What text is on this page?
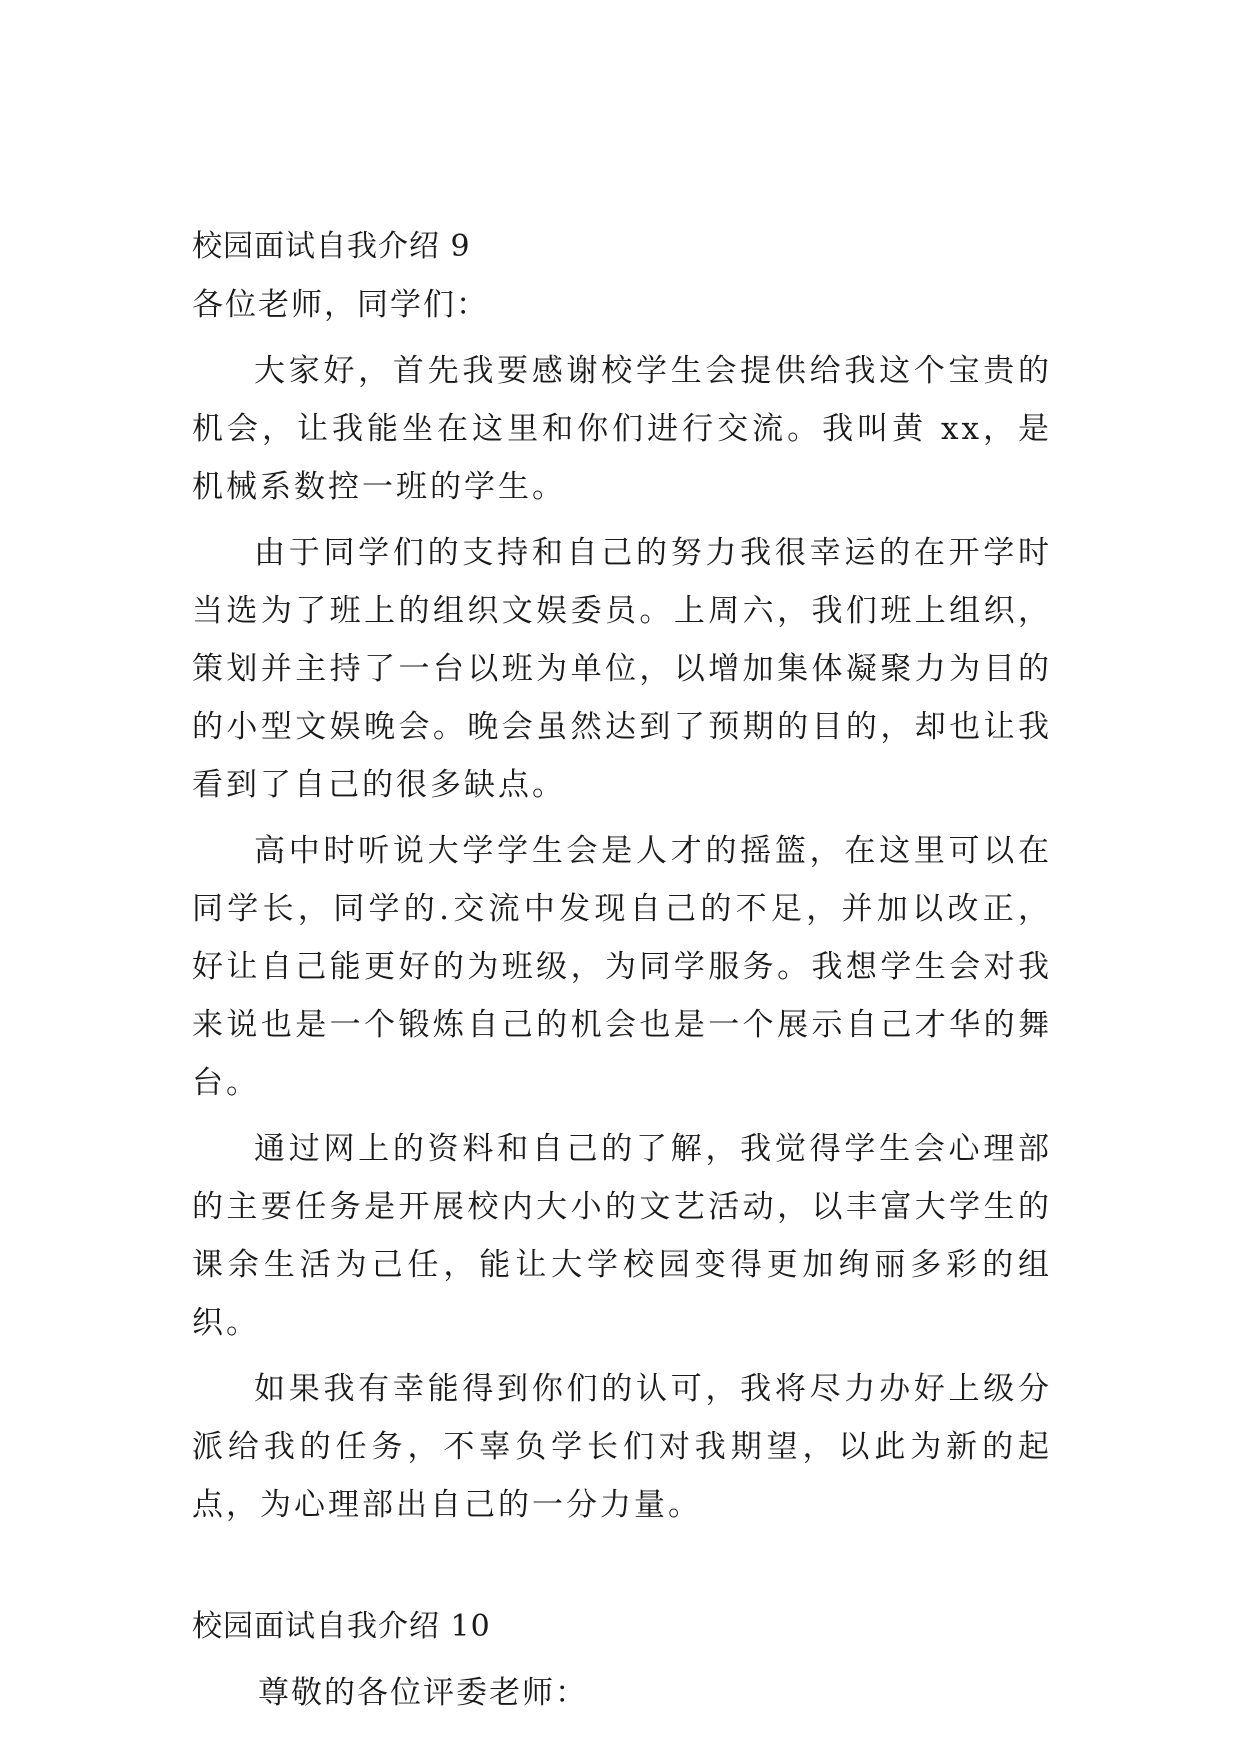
校园面试自我介绍 9
各位老师，同学们：

大家好，首先我要感谢校学生会提供给我这个宝贵的机会，让我能坐在这里和你们进行交流。我叫黄 xx，是机械系数控一班的学生。

由于同学们的支持和自己的努力我很幸运的在开学时当选为了班上的组织文娱委员。上周六，我们班上组织，策划并主持了一台以班为单位，以增加集体凝聚力为目的的小型文娱晚会。晚会虽然达到了预期的目的，却也让我看到了自己的很多缺点。

高中时听说大学学生会是人才的摇篮，在这里可以在同学长，同学的.交流中发现自己的不足，并加以改正，好让自己能更好的为班级，为同学服务。我想学生会对我来说也是一个锻炼自己的机会也是一个展示自己才华的舞台。

通过网上的资料和自己的了解，我觉得学生会心理部的主要任务是开展校内大小的文艺活动，以丰富大学生的课余生活为己任，能让大学校园变得更加绚丽多彩的组织。

如果我有幸能得到你们的认可，我将尽力办好上级分派给我的任务，不辜负学长们对我期望，以此为新的起点，为心理部出自己的一分力量。

校园面试自我介绍 10
尊敬的各位评委老师：
